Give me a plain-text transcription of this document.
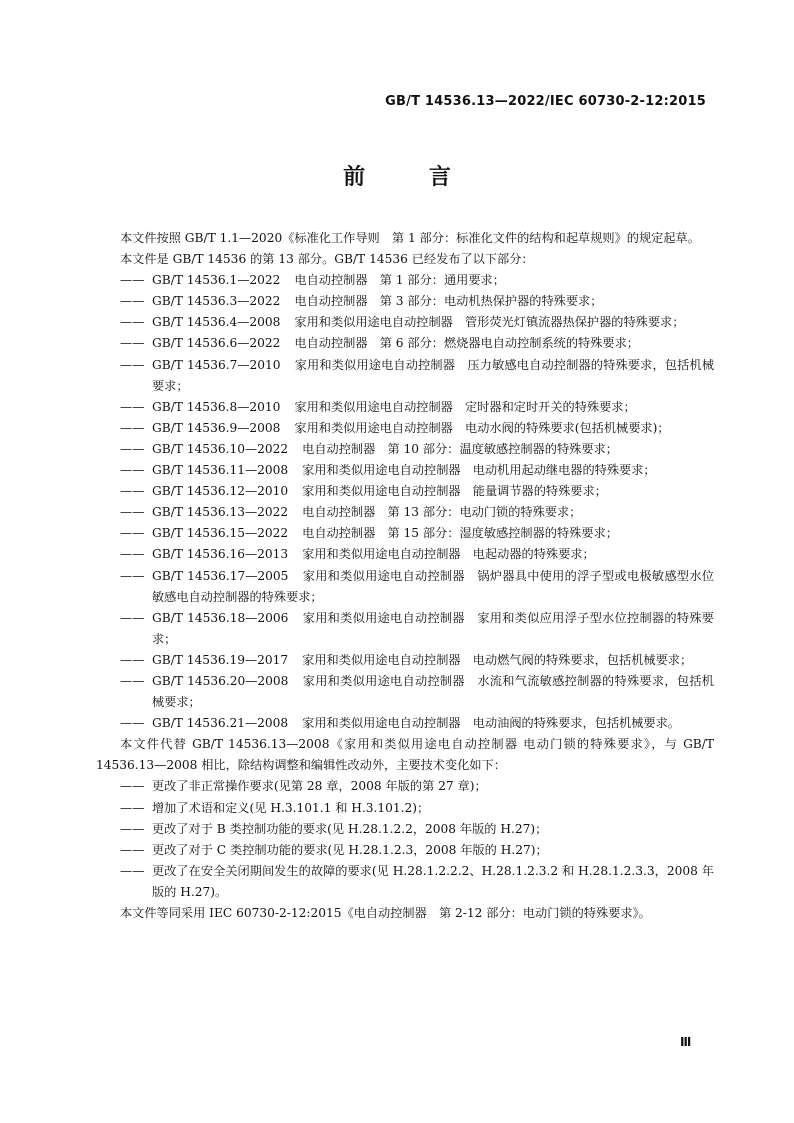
GB/T 14536.13—2022/IEC 60730-2-12:2015
前 言

本文件按照 GB/T 1.1—2020《标准化工作导则　第 1 部分：标准化文件的结构和起草规则》的规定起草。

本文件是 GB/T 14536 的第 13 部分。GB/T 14536 已经发布了以下部分：

—— GB/T 14536.1—2022 电自动控制器　第 1 部分：通用要求；

—— GB/T 14536.3—2022 电自动控制器　第 3 部分：电动机热保护器的特殊要求；

—— GB/T 14536.4—2008 家用和类似用途电自动控制器　管形荧光灯镇流器热保护器的特殊要求；

—— GB/T 14536.6—2022 电自动控制器　第 6 部分：燃烧器电自动控制系统的特殊要求；

—— GB/T 14536.7—2010 家用和类似用途电自动控制器　压力敏感电自动控制器的特殊要求，包括机械要求；

—— GB/T 14536.8—2010 家用和类似用途电自动控制器　定时器和定时开关的特殊要求；

—— GB/T 14536.9—2008 家用和类似用途电自动控制器　电动水阀的特殊要求(包括机械要求)；

—— GB/T 14536.10—2022 电自动控制器　第 10 部分：温度敏感控制器的特殊要求；

—— GB/T 14536.11—2008 家用和类似用途电自动控制器　电动机用起动继电器的特殊要求；

—— GB/T 14536.12—2010 家用和类似用途电自动控制器　能量调节器的特殊要求；

—— GB/T 14536.13—2022 电自动控制器　第 13 部分：电动门锁的特殊要求；

—— GB/T 14536.15—2022 电自动控制器　第 15 部分：湿度敏感控制器的特殊要求；

—— GB/T 14536.16—2013 家用和类似用途电自动控制器　电起动器的特殊要求；

—— GB/T 14536.17—2005 家用和类似用途电自动控制器　锅炉器具中使用的浮子型或电极敏感型水位敏感电自动控制器的特殊要求；

—— GB/T 14536.18—2006 家用和类似用途电自动控制器　家用和类似应用浮子型水位控制器的特殊要求；

—— GB/T 14536.19—2017 家用和类似用途电自动控制器　电动燃气阀的特殊要求，包括机械要求；

—— GB/T 14536.20—2008 家用和类似用途电自动控制器　水流和气流敏感控制器的特殊要求，包括机械要求；

—— GB/T 14536.21—2008 家用和类似用途电自动控制器　电动油阀的特殊要求，包括机械要求。

本文件代替 GB/T 14536.13—2008《家用和类似用途电自动控制器 电动门锁的特殊要求》，与 GB/T 14536.13—2008 相比，除结构调整和编辑性改动外，主要技术变化如下：

—— 更改了非正常操作要求(见第 28 章，2008 年版的第 27 章)；

—— 增加了术语和定义(见 H.3.101.1 和 H.3.101.2)；

—— 更改了对于 B 类控制功能的要求(见 H.28.1.2.2，2008 年版的 H.27)；

—— 更改了对于 C 类控制功能的要求(见 H.28.1.2.3，2008 年版的 H.27)；

—— 更改了在安全关闭期间发生的故障的要求(见 H.28.1.2.2.2、H.28.1.2.3.2 和 H.28.1.2.3.3，2008 年版的 H.27)。

本文件等同采用 IEC 60730-2-12:2015《电自动控制器　第 2-12 部分：电动门锁的特殊要求》。

Ⅲ
